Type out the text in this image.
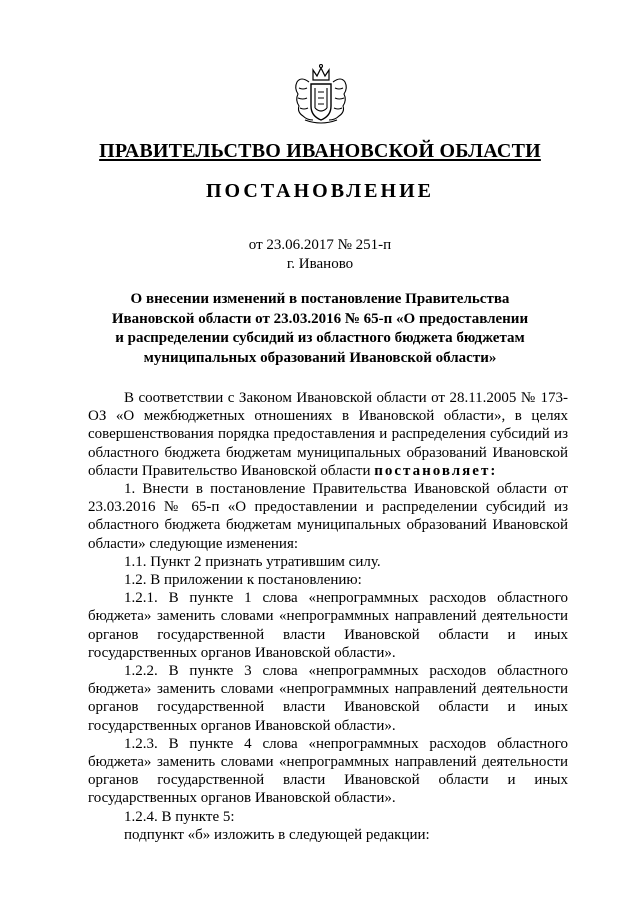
ПРАВИТЕЛЬСТВО ИВАНОВСКОЙ ОБЛАСТИ
ПОСТАНОВЛЕНИЕ
от 23.06.2017 № 251-п
г. Иваново
О внесении изменений в постановление Правительства
Ивановской области от 23.03.2016 № 65-п «О предоставлении
и распределении субсидий из областного бюджета бюджетам
муниципальных образований Ивановской области»

В соответствии с Законом Ивановской области от 28.11.2005 № 173-ОЗ «О межбюджетных отношениях в Ивановской области», в целях совершенствования порядка предоставления и распределения субсидий из областного бюджета бюджетам муниципальных образований Ивановской области Правительство Ивановской области постановляет:

1. Внести в постановление Правительства Ивановской области от 23.03.2016 № 65-п «О предоставлении и распределении субсидий из областного бюджета бюджетам муниципальных образований Ивановской области» следующие изменения:

1.1. Пункт 2 признать утратившим силу.

1.2. В приложении к постановлению:

1.2.1. В пункте 1 слова «непрограммных расходов областного бюджета» заменить словами «непрограммных направлений деятельности органов государственной власти Ивановской области и иных государственных органов Ивановской области».

1.2.2. В пункте 3 слова «непрограммных расходов областного бюджета» заменить словами «непрограммных направлений деятельности органов государственной власти Ивановской области и иных государственных органов Ивановской области».

1.2.3. В пункте 4 слова «непрограммных расходов областного бюджета» заменить словами «непрограммных направлений деятельности органов государственной власти Ивановской области и иных государственных органов Ивановской области».

1.2.4. В пункте 5:

подпункт «б» изложить в следующей редакции:
